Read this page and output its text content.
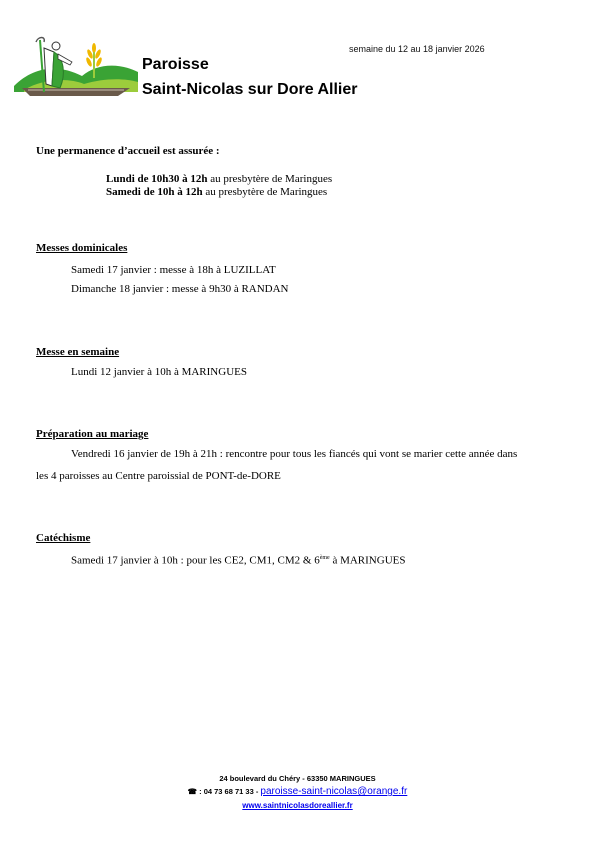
Paroisse
Saint-Nicolas sur Dore Allier
semaine du 12 au 18 janvier 2026
Une permanence d’accueil est assurée :
Lundi de 10h30 à 12h au presbytère de Maringues
Samedi de 10h à 12h au presbytère de Maringues
Messes dominicales
Samedi 17 janvier : messe à 18h à LUZILLAT
Dimanche 18 janvier : messe à 9h30 à RANDAN
Messe en semaine
Lundi 12 janvier à 10h à MARINGUES
Préparation au mariage
Vendredi 16 janvier de 19h à 21h : rencontre pour tous les fiancés qui vont se marier cette année dans
les 4 paroisses au Centre paroissial de PONT-de-DORE
Catéchisme
Samedi 17 janvier à 10h : pour les CE2, CM1, CM2 & 6ème à MARINGUES
24 boulevard du Chéry - 63350 MARINGUES
☎ : 04 73 68 71 33 - paroisse-saint-nicolas@orange.fr
www.saintnicolasdoreallier.fr
